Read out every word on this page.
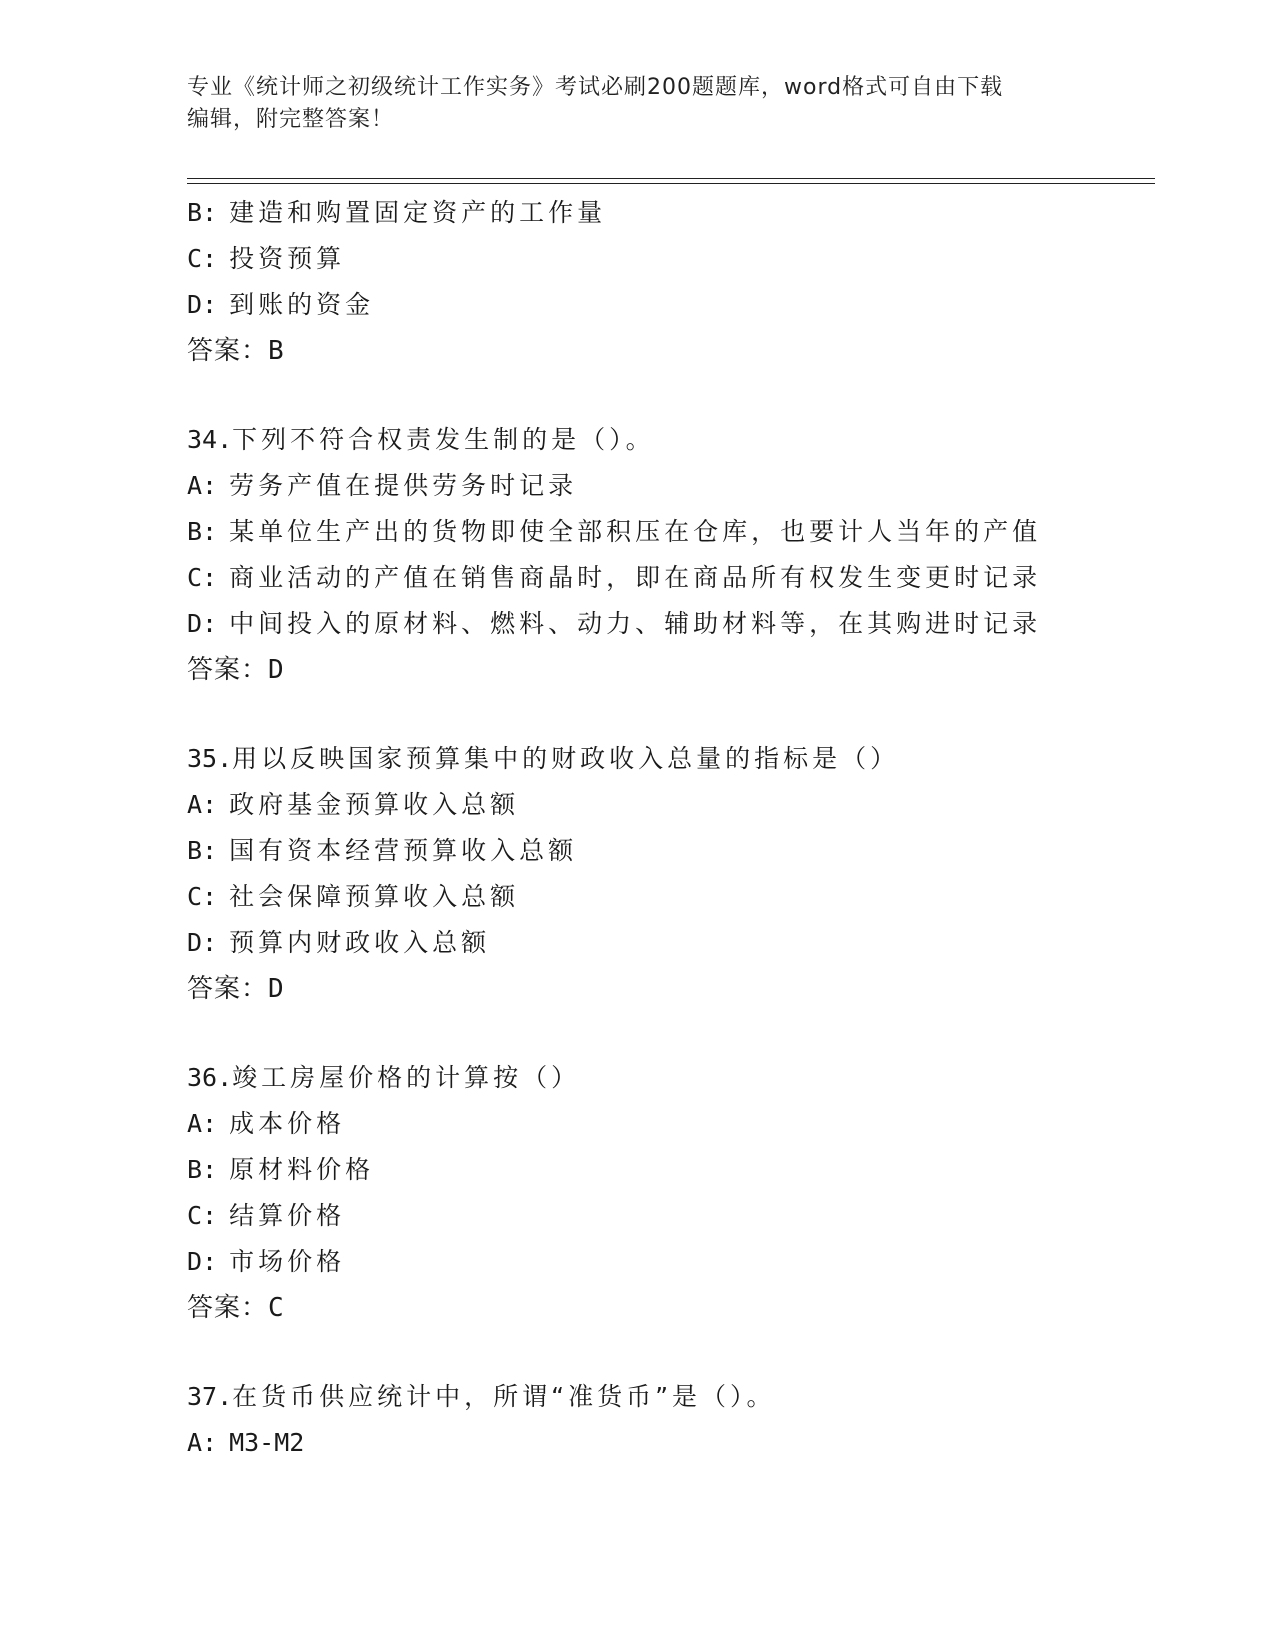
专业《统计师之初级统计工作实务》考试必刷200题题库，word格式可自由下载
编辑，附完整答案！
B: 建造和购置固定资产的工作量
C: 投资预算
D: 到账的资金
答案：B
34.下列不符合权责发生制的是（）。
A: 劳务产值在提供劳务时记录
B: 某单位生产出的货物即使全部积压在仓库，也要计人当年的产值
C: 商业活动的产值在销售商晶时，即在商品所有权发生变更时记录
D: 中间投入的原材料、燃料、动力、辅助材料等，在其购进时记录
答案：D
35.用以反映国家预算集中的财政收入总量的指标是（）
A: 政府基金预算收入总额
B: 国有资本经营预算收入总额
C: 社会保障预算收入总额
D: 预算内财政收入总额
答案：D
36.竣工房屋价格的计算按（）
A: 成本价格
B: 原材料价格
C: 结算价格
D: 市场价格
答案：C
37.在货币供应统计中，所谓“准货币”是（）。
A: M3-M2
